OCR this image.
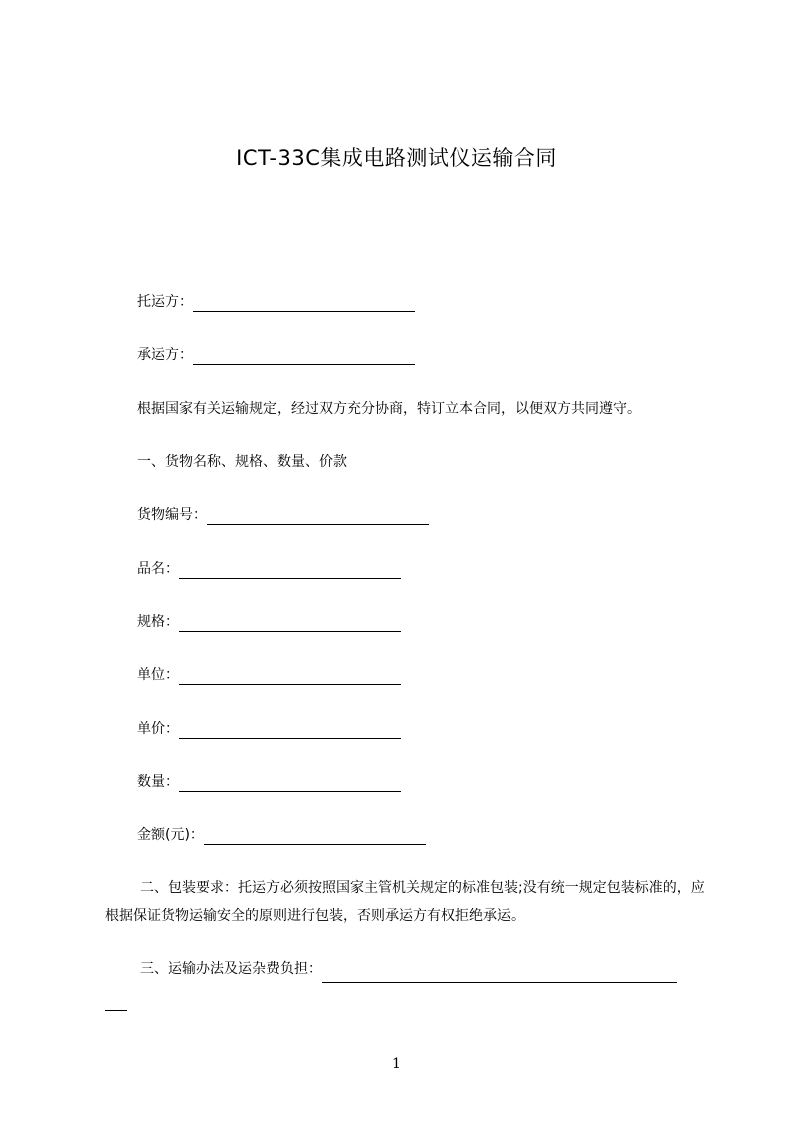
ICT-33C集成电路测试仪运输合同
托运方：
承运方：
根据国家有关运输规定，经过双方充分协商，特订立本合同，以便双方共同遵守。
一、货物名称、规格、数量、价款
货物编号：
品名：
规格：
单位：
单价：
数量：
金额(元)：
二、包装要求：托运方必须按照国家主管机关规定的标准包装;没有统一规定包装标准的，应根据保证货物运输安全的原则进行包装，否则承运方有权拒绝承运。
三、运输办法及运杂费负担：

1
